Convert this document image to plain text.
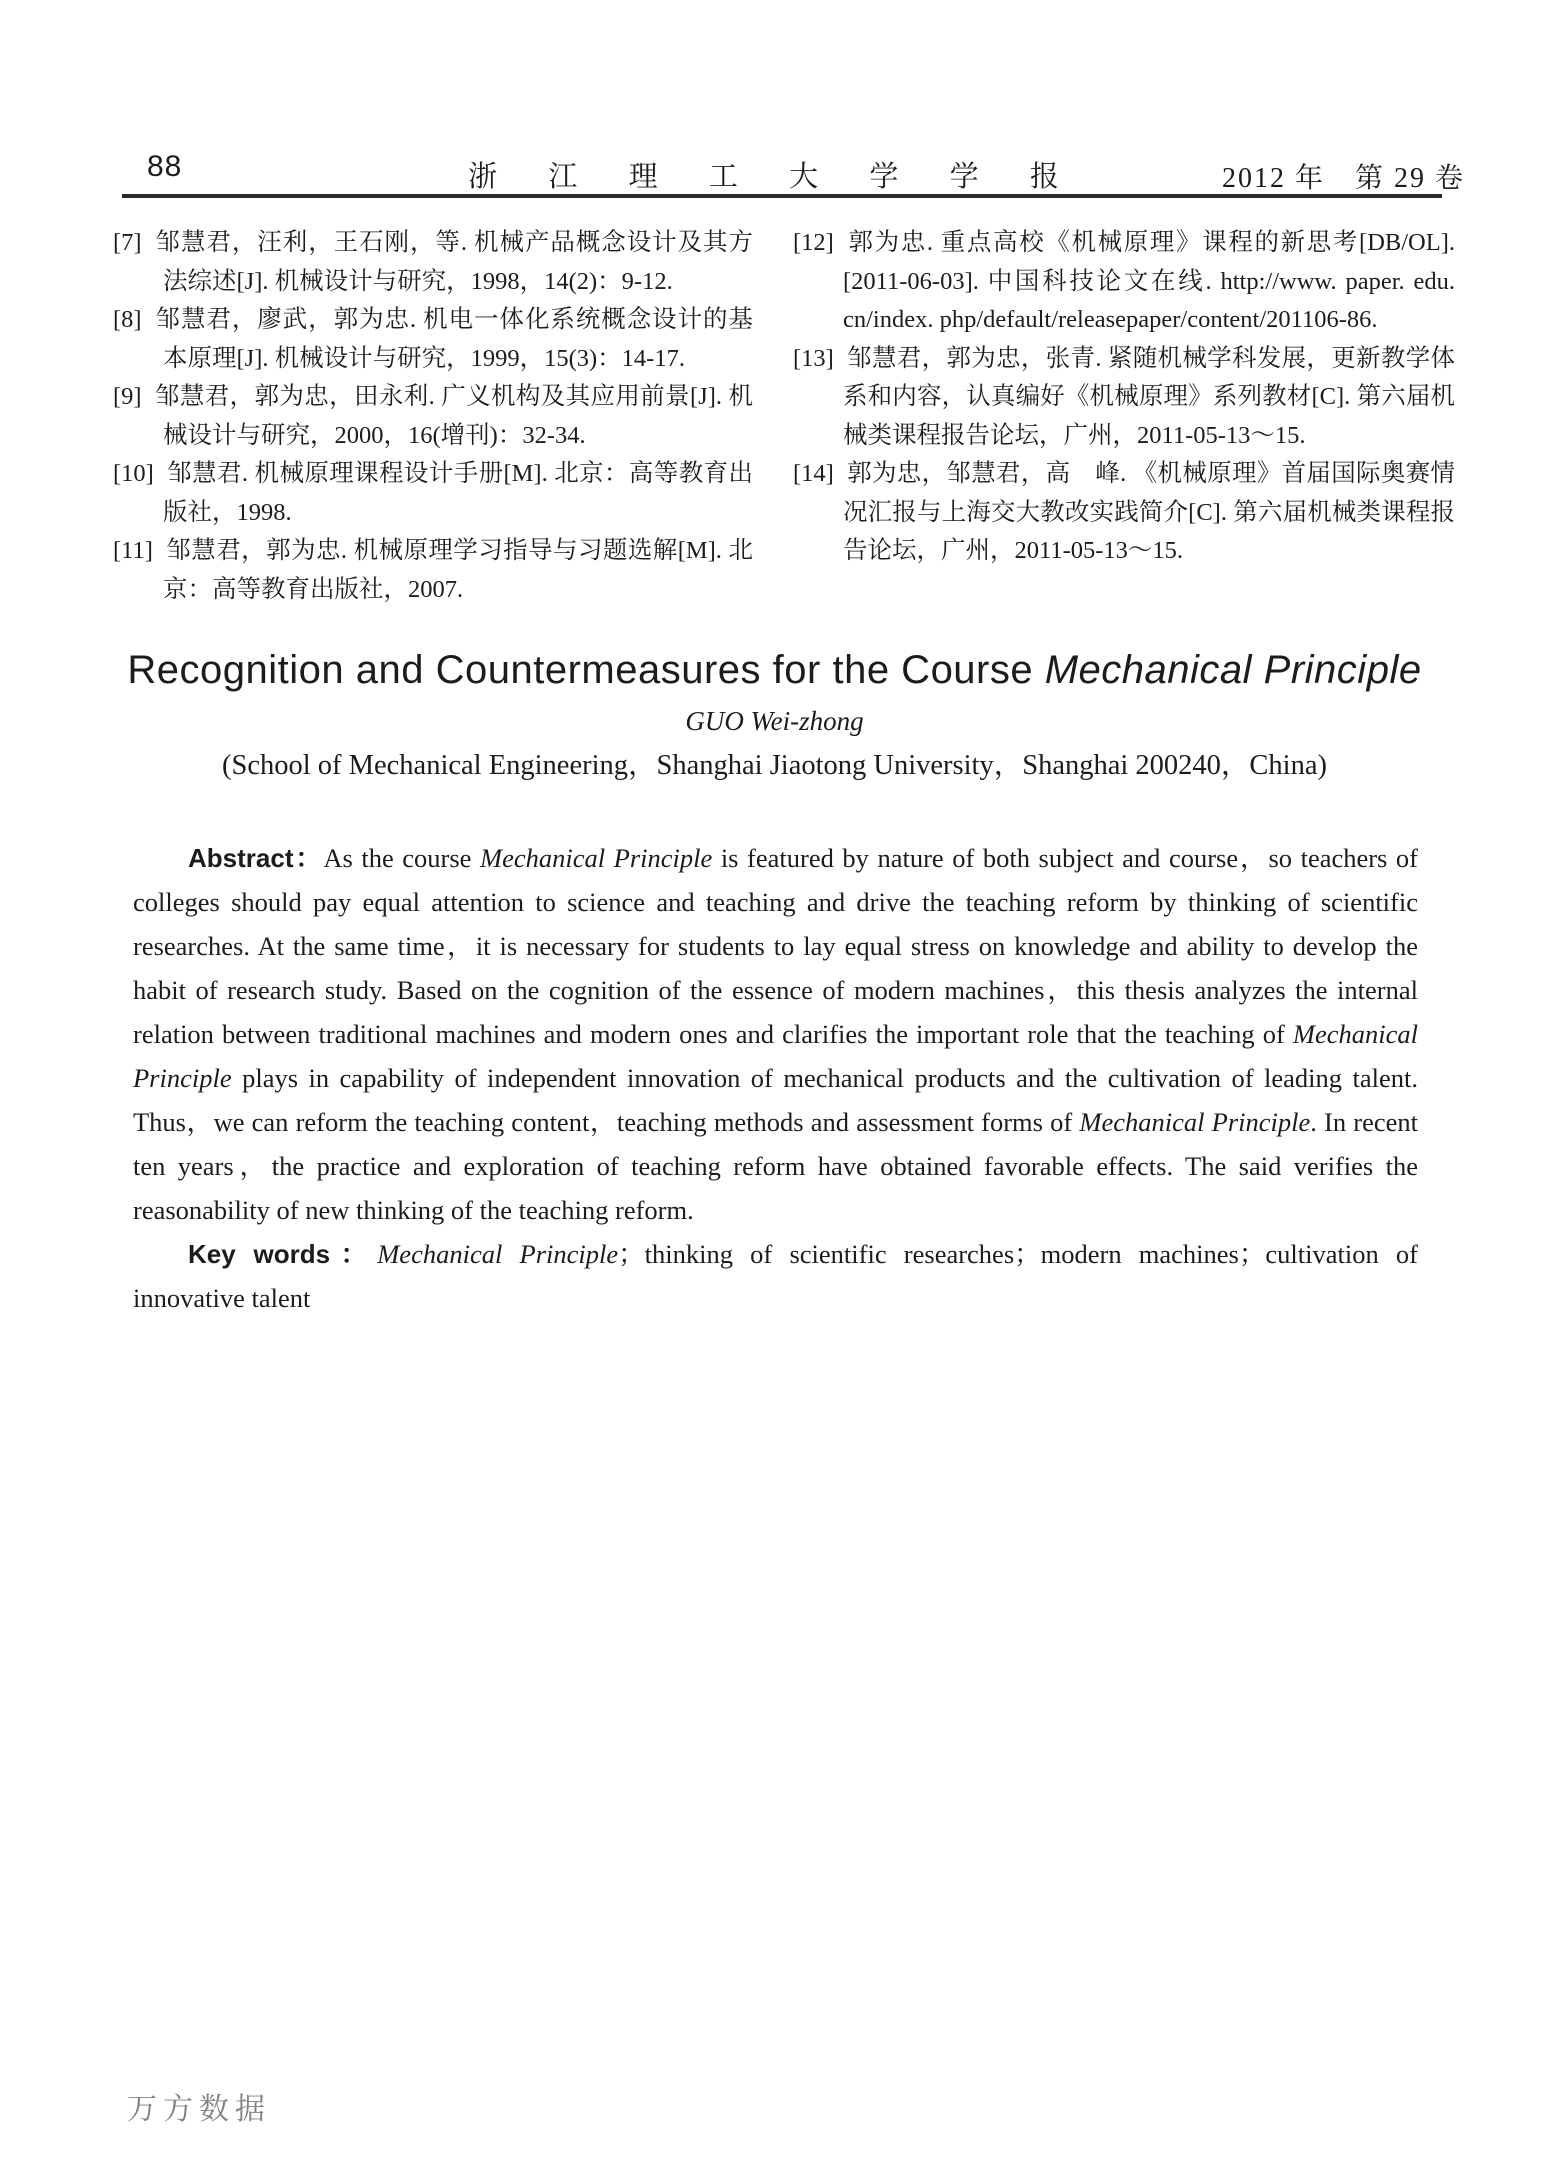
88	浙 江 理 工 大 学 学 报	2012 年　第 29 卷
[7] 邹慧君，汪利，王石刚，等. 机械产品概念设计及其方法综述[J]. 机械设计与研究，1998，14(2)：9-12.
[8] 邹慧君，廖武，郭为忠. 机电一体化系统概念设计的基本原理[J]. 机械设计与研究，1999，15(3)：14-17.
[9] 邹慧君，郭为忠，田永利. 广义机构及其应用前景[J]. 机械设计与研究，2000，16(增刊)：32-34.
[10] 邹慧君. 机械原理课程设计手册[M]. 北京：高等教育出版社，1998.
[11] 邹慧君，郭为忠. 机械原理学习指导与习题选解[M]. 北京：高等教育出版社，2007.
[12] 郭为忠. 重点高校《机械原理》课程的新思考[DB/OL]. [2011-06-03]. 中国科技论文在线. http://www. paper. edu. cn/index. php/default/releasepaper/content/201106-86.
[13] 邹慧君，郭为忠，张青. 紧随机械学科发展，更新教学体系和内容，认真编好《机械原理》系列教材[C]. 第六届机械类课程报告论坛，广州，2011-05-13～15.
[14] 郭为忠，邹慧君，高　峰. 《机械原理》首届国际奥赛情况汇报与上海交大教改实践简介[C]. 第六届机械类课程报告论坛，广州，2011-05-13～15.
Recognition and Countermeasures for the Course Mechanical Principle
GUO Wei-zhong
(School of Mechanical Engineering，Shanghai Jiaotong University，Shanghai 200240，China)

Abstract：As the course Mechanical Principle is featured by nature of both subject and course，so teachers of colleges should pay equal attention to science and teaching and drive the teaching reform by thinking of scientific researches. At the same time，it is necessary for students to lay equal stress on knowledge and ability to develop the habit of research study. Based on the cognition of the essence of modern machines，this thesis analyzes the internal relation between traditional machines and modern ones and clarifies the important role that the teaching of Mechanical Principle plays in capability of independent innovation of mechanical products and the cultivation of leading talent. Thus，we can reform the teaching content，teaching methods and assessment forms of Mechanical Principle. In recent ten years，the practice and exploration of teaching reform have obtained favorable effects. The said verifies the reasonability of new thinking of the teaching reform.

Key words：Mechanical Principle；thinking of scientific researches；modern machines；cultivation of innovative talent

万方数据
